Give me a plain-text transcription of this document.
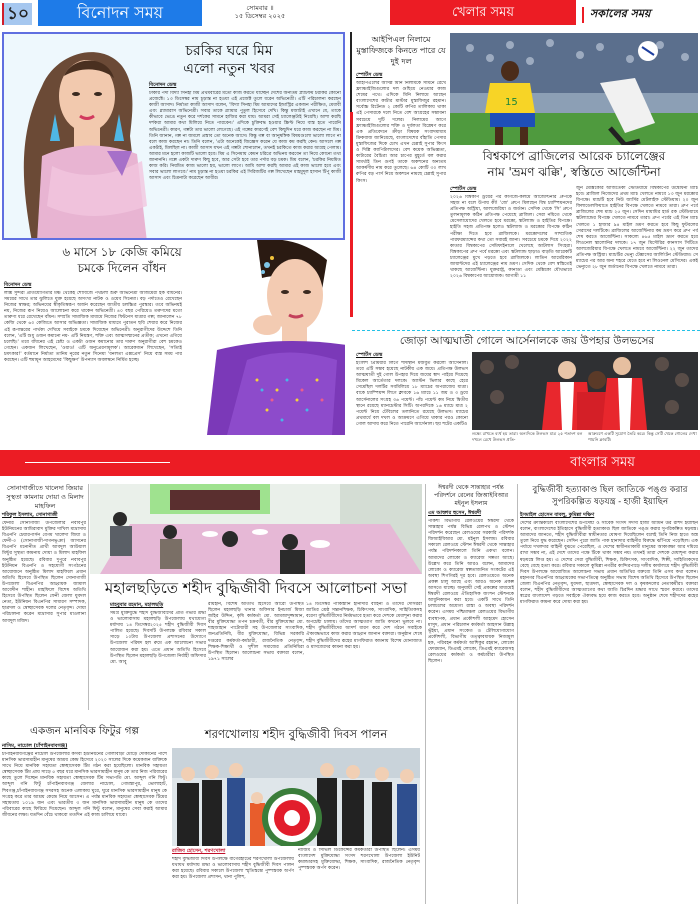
১০	বিনোদন সময়	সোমবার ॥
১৫ ডিসেম্বর ২০২৫	খেলার সময়	সকালের সময়
চরকির ঘরে মিম
এলো নতুন খবর
বিনোদন ডেস্ক
ঢাকার পর্দা বিদ্যা সিনহা মিম প্রথমবারের মতো কাজ করতে যাচ্ছেন দেশের অন্যতম প্ল্যাটফর্ম চরকির কোনো প্রজেক্টে। ১৩ ডিসেম্বর নাম চূড়ান্ত না হওয়া এই প্রজেক্ট তুলে ধরেন অভিনেত্রী। এটি পরিচালনা করছেন কাজী আসাদ। নির্মাতা কাজী আসাদ বলেন, 'বিদ্যা সিনহা মিম আমাদের ইন্ডাস্ট্রির একজন পরীক্ষিত, মেধাবী এবং গ্ল্যামারাস অভিনেত্রী। সবার তাকে গ্ল্যামার পুতুল হিসেবে দেখি। কিন্তু মজাটাই এখানে যে, তাকে কীভাবে ভেঙে নতুন করে দর্শকের সামনে হাজির করা যায়। আমরা সেই চ্যালেঞ্জটাই নিয়েছি। আশা করছি দর্শকরা আমার কথা মিলিয়ে নিতে পারবেন।' এদিকে চুক্তিবদ্ধ হওয়ার স্ক্রিপ্ট নিয়ে ব্যস্ত হতে পারেনি অভিনেত্রী। কারণ, গল্পটা তার ভালো লেগেছে। এই গল্পের কারণেই বেশ কিছুদিন ধরে কাজ করছেন না মিম। তিনি জানান, গল্প না জমলে প্রস্তাব তো অনেক আসে। কিন্তু গল্প বা আনুষঙ্গিক বিষয়গুলো ভালো লাগে না বলে কাজ করছেন না। তিনি বলেন, 'এটা অনেকেই জিজ্ঞেস করেন যে কাজ কম করছি কেন। আসলে গল্প একটাই, মিলছিল না। কাজী আসাদ যখন এই গল্পটা শোনালেন, তখনই চরকিতে কাজ করার আগ্রহ পেলাম। আমার মনে হলো কাজটি ভালো হবে। মিম এ সিনেমায় কেমন চরিত্রে অভিনয় করবেন তা নিয়ে কোনো তথ্য জানাননি। গল্পে একটা দারুণ কিছু হবে, আর সেটা হবে তার পর্দার বড় চমক। মিম বলেন, 'চরকির নিয়মিত কাজ করি। নিয়মিত কাজ ভালো হয়, ভালো লাগে। আমি আশা করছি আমার এই কাজ ভালো হবে এবং সবার ভালো লাগবে।' নাম চূড়ান্ত না হওয়া চরকির এই সিরিজটির গল্প লিখেছেন মাহমুদুল হাসান টিপু কাজী আসাদ এবং চিত্রনাট্য করেছেন আবীর।
৬ মাসে ১৮ কেজি কমিয়ে
চমকে দিলেন বাঁধন
বিনোদন ডেস্ক
লাক্স সুন্দরী প্রতিযোগিতার মঞ্চ থেকেই শোবিজে পথচলা শুরু অভিনেত্রী আজমেরী হক বাঁধনের। সময়ের সাথে তার ঝুলিতে যুক্ত হয়েছে অসংখ্য নাটক ও ওয়েব সিনেমা। বড় পর্দাতেও রেখেছেন নিজের স্বাক্ষর; অভিনয়ের স্বীকৃতিস্বরূপ অর্জন করেছেন জাতীয় চলচ্চিত্র পুরস্কার। তবে অভিনয়ই নয়, নিজের রূপ নিয়েও আলোচনা করে থাকেন অভিনেত্রী। ৪০ বছর পেরিয়েও তরুণদের মতো তারুণ্য ধরে রেখেছেন বাঁধন। সম্প্রতি সামাজিক মাধ্যমে নিজের ফিটনেস যাত্রার গল্প; জানালেন ৭৮ কেজি থেকে ৬০ কেজিতে আসার অভিজ্ঞতা। সামাজিক মাধ্যমে পুরাতন ছবি শেয়ার করে নিজের এই রূপান্তরের পার্থক্য দেখিয়ে সবাইকে চমকে দিয়েছেন অভিনেত্রী। অনুরাগীদের উদ্দেশে তিনি বলেন, 'এটি শুধু ওজন কমানো নয়- এটি নিয়ন্ত্রণ, শক্তি এবং আত্মসম্মানের প্রতীক; এখনো এগিয়ে চলেছি।' তবে বাঁধনের এই চেষ্টা ও একটা ওজন কমানোর তার দারুণ অনুরাগীরা বেশ চমকেও গেছেন। একজন লিখেছেন, 'ওয়াও! এটি অনুপ্রেরণামূলক'। আরেকজন লিখেছেন, 'সত্যিই চমৎকার!' বর্তমানে নির্মাতা তানিম নূরের নতুন সিনেমা 'বনলতা এক্সপ্রেস' নিয়ে ব্যস্ত সময় পার করছেন। এটি হুমায়ূন আহমেদের 'কিছুক্ষণ' উপন্যাস অবলম্বনে নির্মিত হচ্ছে।
আইপিএল নিলামে মুস্তাফিজকে কিনতে পারে যে দুই দল
স্পোর্টস ডেস্ক
আইপিএলের আসন্ন মিনি নিলামকে সামনে রেখে ফ্র্যাঞ্চাইজিগুলোর দল গুছিয়ে নেওয়ার কাজ শেষের পথে। এদিকে মিনি নিলামে আছেন বাংলাদেশের কাটার মাস্টার মুস্তাফিজুর রহমান। সর্বোচ্চ রিটেনড ২ কোটি রুপির তালিকায় থাকা এই পেসারকে দলে নিতে বেশ আগ্রহের সম্ভাবনা সবচেয়ে দুটি দলের। নিলামের আগে ফ্র্যাঞ্চাইজিগুলোর শক্তি ও দুর্বলতা বিশ্লেষণ করে এক প্রতিবেদনে ক্রীড়া বিষয়ক সংবাদমাধ্যম ক্রিকবাজ জানিয়েছে, বাংলাদেশের বাঁহাতি পেসার মুস্তাফিজের দিকে চোখ এখন চেন্নাই সুপার কিংস ও দিল্লি ক্যাপিটালসের। বেশ কয়েক অভিজ্ঞতা, কাটারের বৈচিত্র্য আর চাপের মুহূর্তে বল করার সামর্থ্যই তিন গুণই তাকে অকশনের অন্যতম আকর্ষণীয় নাম করে তুলেছে। ৬৪ কোটি ৩০ লাখ রুপির বড় পার্স নিয়ে অকশনে নামছে চেন্নাই সুপার কিংস।
15
বিশ্বকাপে ব্রাজিলের আরেক চ্যালেঞ্জের
নাম 'ভ্রমণ ঝক্কি', স্বস্তিতে আর্জেন্টিনা
স্পোর্টস ডেস্ক
২০২৬ বিশ্বকাপ ড্রয়ের পর কাগজে-কলমে আর্জেন্টিনার গ্রুপকে সহজ না বলে উপায় কী! 'জে' গ্রুপে মিলছেন বিশ্ব চ্যাম্পিয়নদের প্রতিপক্ষ অস্ট্রিয়া, আলজেরিয়া ও জর্ডান। সেদিক থেকে 'সি' গ্রুপে তুলনামূলক কঠিন প্রতিপক্ষ পেয়েছে ব্রাজিল। সেরা নয়িতে থেকে মেসেলায়োদের খেলতে হবে মরক্কো, স্কটল্যান্ড ও হাইতির বিপক্ষে। হাইতি সহজ প্রতিপক্ষ হলেও স্কটল্যান্ড ও মরক্কোর বিপক্ষে কঠিন পরীক্ষা দিতে হবে ব্রাজিলকে। মরক্কোদলের সাম্প্রতিক পারফরম্যান্সের কথা তো সবারই জানা। সবচেয়ে চমকে দিয়ে ২০২২ কাতার বিশ্বকাপের সেমিফাইনালে খেলেছে আটলাস সিংহরা। বিশ্বকাপের গ্রুপ পর্বে মরক্কো এবং স্কটল্যান্ড ছাড়াও বাড়তি আরেকটি চ্যালেঞ্জের মুখে পড়তে হবে ব্রাজিলকে। লাতিন আমেরিকান জায়ান্টদের এই চ্যালেঞ্জের নাম ভ্রমণ। সেদিক থেকে বেশ স্বস্তিতেই থাকছে আর্জেন্টিনা। যুক্তরাষ্ট্র, কানাডা এবং মেক্সিকো যৌথভাবে ২০২৬ বিশ্বকাপের আয়োজক। আগামী ১১
জুন মেক্সিকোর আজতেকা স্টেডিয়ামে বিশ্বকাপের উদ্বোধনী ম্যাচ হবে। ব্রাজিল নিজেদের প্রথম ম্যাচ খেলতে নামবে ১৩ জুন মরক্কোর বিপক্ষে। ম্যাচটি হবে নিউ জার্সির মেটলাইফ স্টেডিয়াম। ২০ জুন ফিলাডেলফিয়াতে হাইতির বিপক্ষে খেলতে নামবে তারা। গ্রুপ পর্বে ব্রাজিলের শেষ ম্যাচ ২৫ জুন। সেদিন মায়ামির হার্ড রক স্টেডিয়ামে স্কটল্যান্ডের বিপক্ষে খেলতে নামবে তারা। গ্রুপ পর্বের এই তিন ম্যাচ খেলতে ১ হাজার ৯৪ মাইল ভ্রমণ করতে হবে কিছু ফুটবলের সেরাদের দলটিকে। ব্রাজিলের আর্জেন্টিনার কম ভ্রমণ করে গ্রুপ পর্ব শেষ করতে আর্জেন্টিনা। সাকল্যে ৪৬৫ মাইল ভ্রমণ করতে হবে লিওনেল স্কালোনির দলকে। ১৭ জুন মিসৌরির কানসাস সিটিতে আলজেরিয়ার বিপক্ষে খেলতে নামবে আর্জেন্টিনা। ২২ জুন তাদের প্রতিপক্ষ অস্ট্রিয়া। ম্যাচটির ভেন্যু টেক্সাসের আর্লিংটন স্টেডিয়াম। সে ম্যাচের পর আর অন্য শহরে যেতে হবে না লিওনেল মেসিদের। একই ভেন্যুতে ২৮ জুন জর্ডানের বিপক্ষে খেলতে নামবে তারা।
জোড়া আত্মঘাতী গোলে আর্সেনালকে জয় উপহার উলভসের
স্পোর্টস ডেস্ক
ইংলিশ প্রিমিয়ার লিগে শীর্ষস্থান মজবুত করলো আর্সেনাল। তবে এটি সম্ভব হয়েছে নাটকীয় এক জয়ে। প্রতিপক্ষ উলভস আত্মঘাতী দুই গোল উপহার দিয়ে জয়ের স্বাদ পাইয়ে দিয়েছে মিকেল আর্তেতার দলকে। অ্যাস্টন ভিলার কাছে হেরে সেমেছিল দলটির সবমিলিয়ে ১৮ ম্যাচের অপরাজেয় যাত্রা। বাকে চ্যাম্পিয়ন্স লিগে ক্লাবকে ১৬ ম্যাচে ১১ জয় ও ৩ ড্রয়ে আর্সেনালের সংগ্রহ ৩৬ পয়েন্ট। পাঁচ পয়েন্ট কম নিয়ে দ্বিতীয় স্থানে রয়েছে ম্যানচেস্টার সিটি। অপরদিকে ১৬ ম্যাচে মাত্র ২ পয়েন্ট নিয়ে টেবিলের তলানিতে রয়েছে উলভস। ম্যাচের প্রথমার্ধে বল দখল ও আক্রমণে এগিয়ে থাকার পরও কোনো গোল আদায় করে নিতে পারেনি আর্সেনাল। ছয় শটের একটিও
লক্ষ্যে রাখতে ব্যর্থ হয় তারা। অন্যদিকে উলভস মাত্র ২৫ শতাংশ বল দখলে রেখে উলভস প্রতি-
আক্রমণে একটি সুযোগ তৈরি করে। কিন্তু সেটি থেকে গোলের দেখা পায়নি ক্লাবটি।
বাংলার সময়
সোনাগাজীতে খালেদা জিয়ার সুস্থতা কামনায় দোয়া ও মিলাদ মাহফিল
শরিফুল ইসলাম, সোনাগাজী
ফেনীর সোনাগাজী উপজেলার নবাবপুর ইউনিয়নের আমিরাবাদ মুক্তির দাখিল মাদ্রাসায় বিএনপি চেয়ারপার্সন বেগম খালেদা জিয়া ও ফেনী-৩ (সোনাগাজী-দাগনভূঞা) আসনের বিএনপি মনোনীত প্রার্থী আবদুল আউয়াল মিন্টুর সুস্থতা কামনায় দোয়া ও মিলাদ মাহফিল অনুষ্ঠিত হয়েছে। রবিবার দুপুরে নবাবপুর ইউনিয়ন বিএনপি ও সহযোগী সংগঠনের আয়োজনে অনুষ্ঠিত মিলাদ মাহফিলে প্রধান অতিথি হিসেবে উপস্থিত ছিলেন সোনাগাজী উপজেলা বিএনপির আহ্বায়ক জামাল আবেদীন শাহীন। মাহফিলে বিশেষ অতিথি হিসেবে উপস্থিত ছিলেন ফেনী জেলা যুবদল নেতা, ইউনিয়ন বিএনপির সাধারণ সম্পাদক, ছাত্রদল ও স্বেচ্ছাসেবক দলের নেতৃবৃন্দ। দোয়া পরিচালনা করেন মাদ্রাসার সুপার মাওলানা আবদুল মজিদ।
মহালছড়িতে শহীদ বুদ্ধিজীবী দিবসে আলোচনা সভা
মাহবুবার রহমান, মহালছড়ি
সমগ্র মুক্তিযুদ্ধে শহীদ বুদ্ধিজীবীদের প্রতি গভীর শ্রদ্ধা ও ভালোবাসায় মহালছড়ি উপজেলায় যথাযোগ্য মর্যাদায় ১৪ ডিসেম্বর২০২৫ শহীদ বুদ্ধিজীবী দিবস পালিত হয়েছে। দিবসটি উপলক্ষে রবিবার সকাল সাড়ে ১০টায় উপজেলা প্রশাসনের উদ্যোগে উপজেলা পরিষদ হল রুমে এক আলোচনা সভার আয়োজন করা হয়। এতে প্রধান অতিথি হিসেবে উপস্থিত ছিলেন মহালছড়ি উপজেলা নির্বাহী অফিসার মো. আবু
রায়হান, বিশেষ অতিথি হিসেবে আরো উপস্থিত ছিলেন মহালছড়ি থানার অফিসার ইনচার্জ মিজা জহির উদ্দিন, কৃষি কর্মকর্তা মো. আমজাদুজ্জামান, বীর মুক্তিযোদ্ধা তপন চক্রবর্তী, বীর মুক্তিযোদ্ধা মো. শাহজাহান পাটোয়ারী সহ উপজেলার সাংবাদিক, জনপ্রতিনিধি, বীর মুক্তিযোদ্ধা, বিভিন্ন সরকারি দপ্তরের কর্মকর্তা-কর্মচারী, রাজনৈতিক নেতৃবৃন্দ, শিক্ষক-শিক্ষার্থী ও সুশীল সমাজের প্রতিনিধিরা উপস্থিত ছিলেন। আলোচনা সভায় বক্তারা বলেন, ১৯৭১ সালের
১৪ ডিসেম্বর পাকিস্তানি হানাদার বাহিনী ও তাদের দোসররা জাতির শ্রেষ্ঠ সন্তানশিক্ষক, চিকিৎসক, সাংবাদিক, সাহিত্যিকসহ বরেণ্য বুদ্ধিজীবীদের নির্মমভাবে হত্যা করে দেশকে মেধাশূন্য করার অপচেষ্টা চালায়। তাঁদের আত্মত্যাগ জাতি কখনো ভুলবে না। শহীদ বুদ্ধিজীবীদের আদর্শ ধারণ করে দেশ গঠনে সবাইকে ঐক্যবদ্ধভাবে কাজ করার আহ্বান জানান বক্তারা। অনুষ্ঠান শেষে শহীদ বুদ্ধিজীবীদের রূহের মাগফিরাত কামনায় বিশেষ মোনাজাত ও মাসজেদের কামনা করা হয়।
ঈশ্বরদী থেকে সান্তাহার পর্যন্ত পরিদর্শনে রেলের জিআইবিআর মইনুল ইসলাম
এম আক্তার হুসেন, ঈশ্বরদী
পাকশী বিভাগীয় রেলওয়ের ঈশ্বরদী থেকে সান্তাহার পর্যন্ত বিভিন্ন রেলপথ ও স্টেশন পরিদর্শন করেছেন রেলওয়ের সরকারি পরিদর্শক জিআইবিআর মো. মইনুল ইসলাম। রবিবার সকালে রেলওয়ে স্টেশন ঈশ্বরদী থেকে সান্তাহার পর্যন্ত পরিদর্শনকালে তিনি একথা বলেন। আমাদের লোকো ও ক্যারেজ সল্পতা আছে। উল্লেখ করে তিনি আরও বলেন, আমাদের লোকো ও ক্যারেজ স্বল্পতাজনিত সংকটের এই অবস্থা শিগগিরই দূর হবে। রেলওয়েতে অনেক প্রকল্প চালু আছে এবং আরও অনেক প্রকল্প আসতে যাচ্ছে। অনুযায়ী সেই প্রকল্পের মাধ্যমেই ঈশ্বরদী রেলওয়ে ঐতিহাসিক জংশন স্টেশনকে আধুনিকায়ন করা হবে। একটি সাথে তিনি চলাচলের অযোগ্য রাস্তা ও অবস্থা পরিদর্শন করেন। এসময় পশ্চিমাঞ্চল রেলওয়ের বিভাগীয় ব্যবস্থাপক, প্রধান প্রকৌশলী আহমেদ হোসেন মাসুদ, প্রধান পরিচালন কর্মকর্তা আহসান উল্লাহ ভূঁইয়া, প্রধান সংকেত ও টেলিযোগাযোগ প্রকৌশলী, বিভাগীয় তত্ত্বাবধায়ক নিজামুল হক, পরিবহন কর্মকর্তা আশিকুর রহমান, লোকো ফোরম্যান, ডিএমই লোকো, ডিএমই ক্যারেজসহ রেলওয়ের কর্মকর্তা ও কর্মচারীরা উপস্থিত ছিলেন।
বুদ্ধিজীবী হত্যাকাণ্ড ছিল জাতিকে পঙ্গু করার
সুপরিকল্পিত ষড়যন্ত্র - হাজী ইয়াছিন
ইসমাইল হোসেন বাবলু, কুমিল্লা দক্ষিণ
দেশের ক্রান্তিকালে বাংলাদেশের উপদেষ্টা ও সাবেক সংসদ সদস্য হাজী আমিন উর রশিদ ইয়াছিন বলেন, বাংলাদেশের ইতিহাসে বুদ্ধিজীবী হত্যাকাণ্ড ছিল জাতিকে পঙ্গু করার সুপরিকল্পিত ষড়যন্ত্র। আমাদের জানতে, শহীদ বুদ্ধিজীবীরা স্বাধীনতার ঘোষণা দিয়েছিলেন বলেই তিনি নিজ হাতে অস্ত্র তুলে নিয়ে যুদ্ধ করেছেন। সেদিন পুরো জাতি পাক হানাদার বাহিনীর বিরুদ্ধে ঝাঁপিয়ে পড়েছিল। এক পর্যায়ে দখলদার বাহিনী বুঝতে পেরেছিল, এ দেশের স্বাধীনতাকামী মানুষের আকাঙ্ক্ষা আর দমিয়ে রাখা সম্ভব না, এই দেশে তাদের পক্ষে টিকে থাকা সম্ভব নয়। তখনই তারা দেশকে মেধাশূন্য করার ষড়যন্ত্রে লিপ্ত হয়। এ দেশের সেরা বুদ্ধিজীবী, শিক্ষক, চিকিৎসক, সাংবাদিক, শিল্পী, সাহিত্যিকদের বেছে বেছে হত্যা করে। রবিবার সকালে কুমিল্লা নগরীর কান্দিরপাড়ে দলীয় কার্যালয়ে শহীদ বুদ্ধিজীবী দিবস উপলক্ষে আয়োজিত আলোচনা সভায় প্রধান অতিথির বক্তব্যে তিনি এসব কথা বলেন। মহানগর বিএনপির আহ্বায়কের সভাপতিত্বে অনুষ্ঠিত সভায় বিশেষ অতিথি হিসেবে উপস্থিত ছিলেন জেলা বিএনপির নেতৃবৃন্দ, যুবদল, ছাত্রদল, স্বেচ্ছাসেবক দল ও কৃষকদলের নেতাকর্মীরা। বক্তারা বলেন, শহীদ বুদ্ধিজীবীদের আত্মত্যাগের কথা জাতি চিরদিন শ্রদ্ধার সাথে স্মরণ করবে। তাদের স্বপ্নের বাংলাদেশ গড়তে সবাইকে ঐক্যবদ্ধ হয়ে কাজ করতে হবে। অনুষ্ঠান শেষে শহীদদের রূহের মাগফিরাত কামনা করে দোয়া করা হয়।
একজন মানবিক ফিটুর গল্প
নাসিম, নাচোল (চাঁপাইনবাবগঞ্জ)
চাঁপাইনবাবগঞ্জের নাচোল উপজেলার কসবা ইউনিয়নের গোলাবাড়ী মোড়ে দোকানের পাশে মানসিক ভারসাম্যহীন মানুষের আশ্রয় কেন্দ্র হিসেবে ২০২০ সালের দিকে কয়েকজন ব্যক্তিকে সাথে নিয়ে মানবিক সহায়তা স্বেচ্ছাসেবক টিম গঠন করা হয়েছিলো। মানবিক সহায়তা স্বেচ্ছাসেবক টিম প্রায় সাড়ে ৫ বছর ধরে মানসিক ভারসাম্যহীন মানুষ কে তার নিজ পরিবারের কাছে তুলে দিচ্ছেন মানবিক সহায়তা স্বেচ্ছাসেবক টিম সভাপতি মো. আব্দুল গনি ফিটু। আব্দুল গনি ফিটু চাঁপাইনবাবগঞ্জ জেলার নাচোল, গোমস্তাপুর, ভোলাহাট, শিবগঞ্জ,চাঁপাইনবাবগঞ্জ সদরসহ অনেক এলাকায় ঘুরে, ঘুরে মানসিক ভারসাম্যহীন মানুষ কে সংগ্রহ করে তার আশ্রয় কেন্দ্রে নিয়ে আসেন। এ পর্যন্ত মানবিক সহায়তা স্বেচ্ছাসেবক টিমের সহায়তায় ১০১৯ জন এবং ভারতীয় ৩ জন মানসিক ভারসাম্যহীন মানুষ কে তাদের পরিবারের কাছে ফিরিয়ে দিয়েছেন। আব্দুল গনি ফিটু বলেন, মানুষের সেবা করাই আমার জীবনের লক্ষ্য। যতদিন বেঁচে থাকবো ততদিন এই কাজ চালিয়ে যাবো।
শরণখোলায় শহীদ বুদ্ধিজীবী দিবস পালন
রাজিব হোসেন, শরণখোলা
শহীদ বুদ্ধিজীবী দিবস উপলক্ষে বাগেরহাটের শরণখোলা উপজেলায় যথাযথ মর্যাদায় শ্রদ্ধা ও ভালোবাসায় শহীদ বুদ্ধিজীবী দিবস পালন করা হয়েছে। রবিবার সকালে উপজেলা স্মৃতিস্তম্ভে পুষ্পস্তবক অর্পণ করা হয়। উপজেলা প্রশাসন, থানা পুলিশ,
নাজিম ও সিভিল ডিফেন্সের কর্মকর্তারা উপস্থিত ছিলেন। এসময় বাংলাদেশ মুক্তিযোদ্ধা সংসদ শরণখোলা উপজেলা ইউনিট কমান্ডারসহ মুক্তিযোদ্ধা, শিক্ষক, সাংবাদিক, রাজনৈতিক নেতৃবৃন্দ পুষ্পস্তবক অর্পণ করেন।
